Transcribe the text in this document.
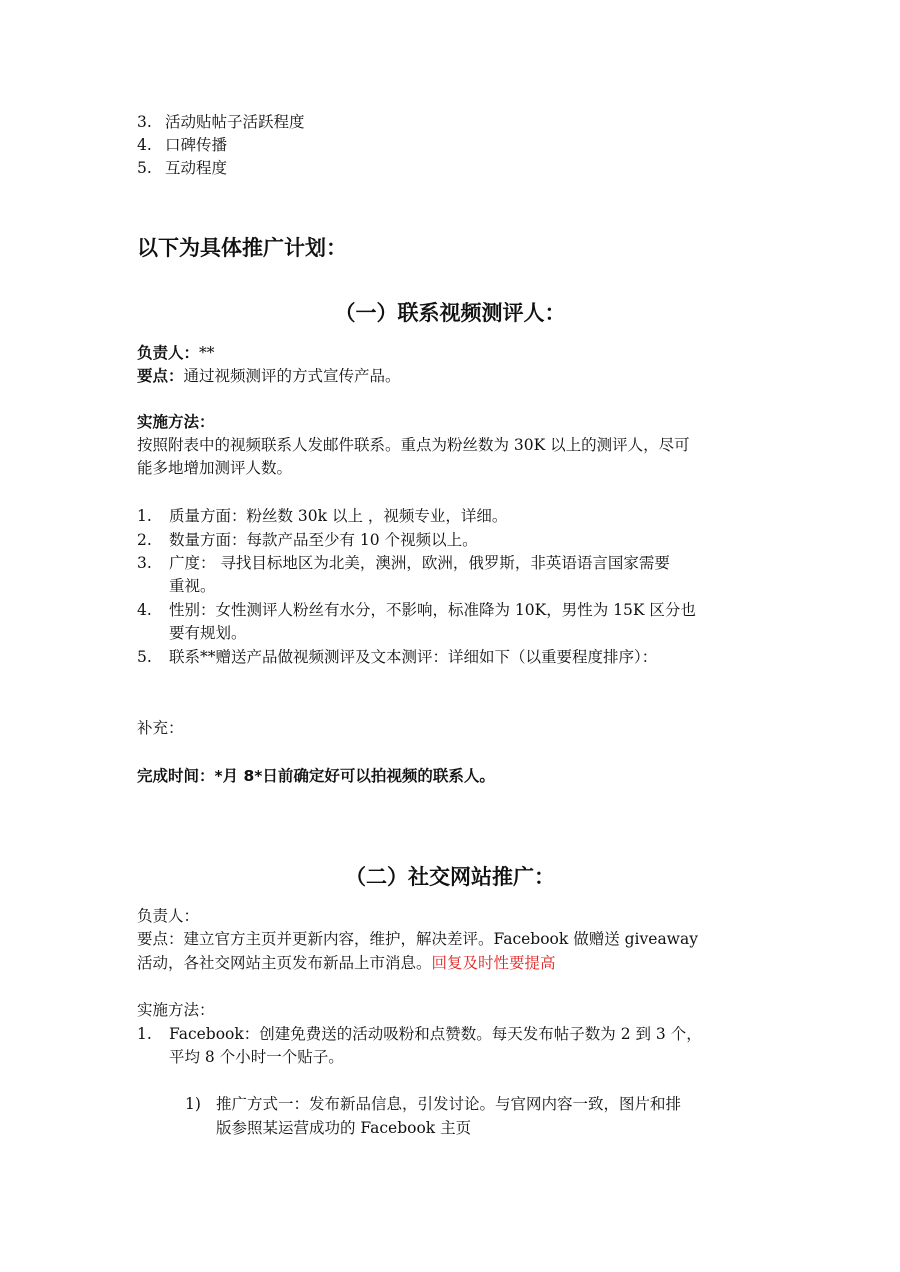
3. 活动贴帖子活跃程度
4. 口碑传播
5. 互动程度
以下为具体推广计划：
（一）联系视频测评人：
负责人：**
要点：通过视频测评的方式宣传产品。
实施方法：
按照附表中的视频联系人发邮件联系。重点为粉丝数为 30K 以上的测评人，尽可
能多地增加测评人数。
1. 质量方面：粉丝数 30k 以上 ，视频专业，详细。
2. 数量方面：每款产品至少有 10 个视频以上。
3. 广度： 寻找目标地区为北美，澳洲，欧洲，俄罗斯，非英语语言国家需要
重视。
4. 性别：女性测评人粉丝有水分，不影响，标准降为 10K，男性为 15K 区分也
要有规划。
5. 联系**赠送产品做视频测评及文本测评：详细如下（以重要程度排序）：
补充：
完成时间：*月 8*日前确定好可以拍视频的联系人。
（二）社交网站推广：
负责人：
要点：建立官方主页并更新内容，维护，解决差评。Facebook 做赠送 giveaway
活动，各社交网站主页发布新品上市消息。回复及时性要提高
实施方法：
1. Facebook：创建免费送的活动吸粉和点赞数。每天发布帖子数为 2 到 3 个，
平均 8 个小时一个贴子。
1) 推广方式一：发布新品信息，引发讨论。与官网内容一致，图片和排
版参照某运营成功的 Facebook 主页
